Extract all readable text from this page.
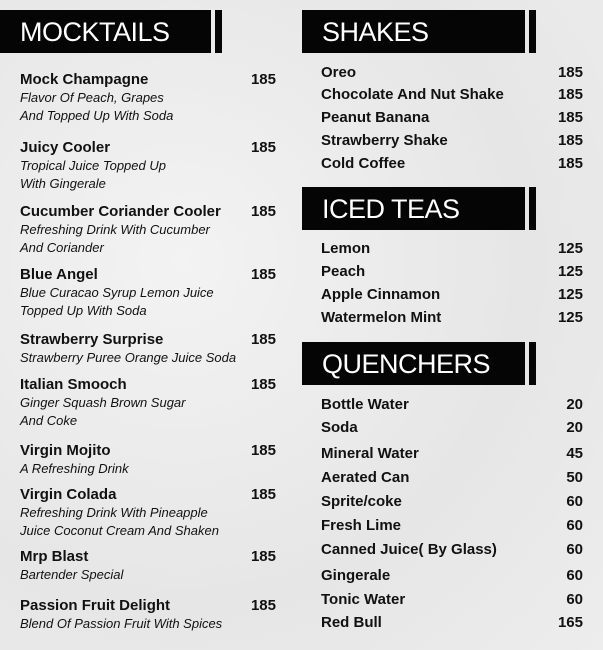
MOCKTAILS	SHAKES
ICED TEAS
QUENCHERS
Mock Champagne
Flavor Of Peach, Grapes
And Topped Up With Soda
185
Juicy Cooler
Tropical Juice Topped Up
With Gingerale
185
Cucumber Coriander Cooler
Refreshing Drink With Cucumber
And Coriander
185
Blue Angel
Blue Curacao Syrup Lemon Juice
Topped Up With Soda
185
Strawberry Surprise
Strawberry Puree Orange Juice Soda
185
Italian Smooch
Ginger Squash Brown Sugar
And Coke
185
Virgin Mojito
A Refreshing Drink
185
Virgin Colada
Refreshing Drink With Pineapple
Juice Coconut Cream And Shaken
185
Mrp Blast
Bartender Special
185
Passion Fruit Delight
Blend Of Passion Fruit With Spices
185
Oreo	185
Chocolate And Nut Shake	185
Peanut Banana	185
Strawberry Shake	185
Cold Coffee	185
Lemon	125
Peach	125
Apple Cinnamon	125
Watermelon Mint	125
Bottle Water	20
Soda	20
Mineral Water	45
Aerated Can	50
Sprite/coke	60
Fresh Lime	60
Canned Juice( By Glass)	60
Gingerale	60
Tonic Water	60
Red Bull	165
